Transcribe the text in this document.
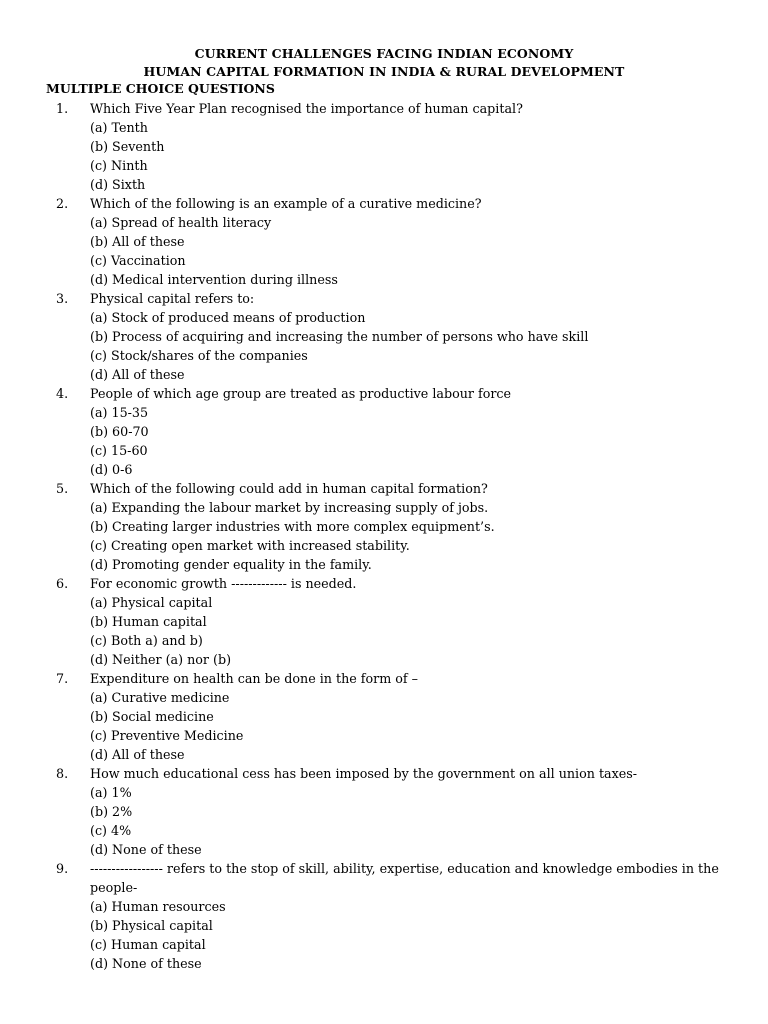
CURRENT CHALLENGES FACING INDIAN ECONOMY
HUMAN CAPITAL FORMATION IN INDIA & RURAL DEVELOPMENT
MULTIPLE CHOICE QUESTIONS
1.	Which Five Year Plan recognised the importance of human capital?
(a) Tenth
(b) Seventh
(c) Ninth
(d) Sixth
2.	Which of the following is an example of a curative medicine?
(a) Spread of health literacy
(b) All of these
(c) Vaccination
(d) Medical intervention during illness
3.	Physical capital refers to:
(a) Stock of produced means of production
(b) Process of acquiring and increasing the number of persons who have skill
(c) Stock/shares of the companies
(d) All of these
4.	People of which age group are treated as productive labour force
(a) 15-35
(b) 60-70
(c) 15-60
(d) 0-6
5.	Which of the following could add in human capital formation?
(a) Expanding the labour market by increasing supply of jobs.
(b) Creating larger industries with more complex equipment’s.
(c) Creating open market with increased stability.
(d) Promoting gender equality in the family.
6.	For economic growth ------------- is needed.
(a) Physical capital
(b) Human capital
(c) Both a) and b)
(d) Neither (a) nor (b)
7.	Expenditure on health can be done in the form of –
(a) Curative medicine
(b) Social medicine
(c) Preventive Medicine
(d) All of these
8.	How much educational cess has been imposed by the government on all union taxes-
(a) 1%
(b) 2%
(c) 4%
(d) None of these
9.	----------------- refers to the stop of skill, ability, expertise, education and knowledge embodies in the
people-
(a) Human resources
(b) Physical capital
(c) Human capital
(d) None of these
